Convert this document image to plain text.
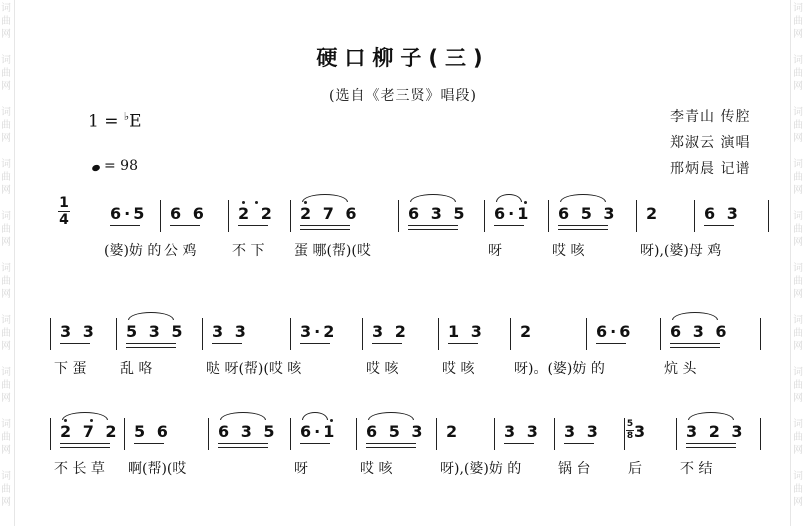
词
曲
网
词
曲
网
词
曲
网
词
曲
网
词
曲
网
词
曲
网
词
曲
网
词
曲
网
词
曲
网
词
曲
网
词
曲
网
词
曲
网
词
曲
网
词
曲
网
词
曲
网
词
曲
网
词
曲
网
词
曲
网
词
曲
网
词
曲
网
硬口柳子(三)
(选自《老三贤》唱段)
1 = ♭E
= 98
李青山 传腔
郑淑云 演唱
邢炳晨 记谱
1
4	6·5
(婆)妨 的
6 6
公 鸡
2 2
不 下
2 7 6
蛋 哪(帮)(哎
6 3 5 6·1
呀
6 5 3
哎 咳
2
呀),(婆)母 鸡
6 3
3 3
下 蛋
5 3 5
乱 咯
3 3
哒 呀(帮)(哎 咳
3·2 3 2
哎 咳
1 3
哎 咳
2
呀)。(婆)妨 的
6·6 6 3 6
炕 头
2 7 2
不 长 草
5 6
啊(帮)(哎
6 3 5 6·1
呀
6 5 3
哎 咳
2
呀),(婆)妨 的
3 3 3 3
锅 台
3
后
3 2 3
不 结
5
8
